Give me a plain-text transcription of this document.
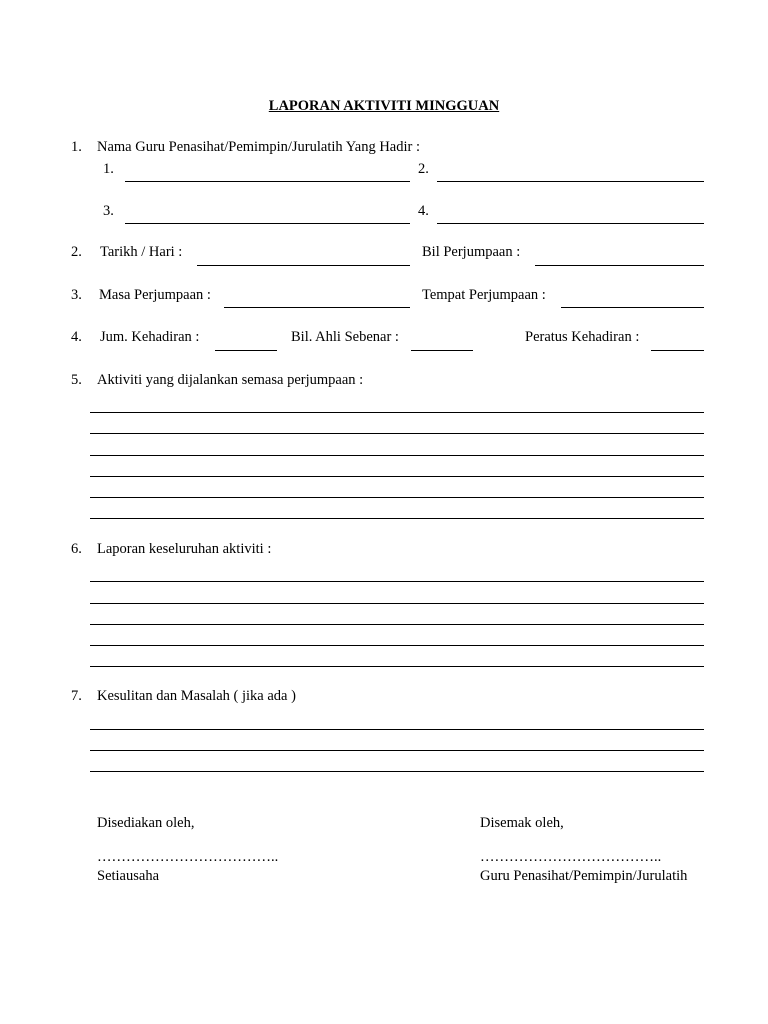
LAPORAN AKTIVITI MINGGUAN
1. Nama Guru Penasihat/Pemimpin/Jurulatih Yang Hadir :
1.	2.
3.	4.
2. Tarikh / Hari :	Bil Perjumpaan :
3. Masa Perjumpaan :	Tempat Perjumpaan :
4. Jum. Kehadiran :	Bil. Ahli Sebenar :	Peratus Kehadiran :
5. Aktiviti yang dijalankan semasa perjumpaan :
6. Laporan keseluruhan aktiviti :
7. Kesulitan dan Masalah ( jika ada )
Disediakan oleh,
………………………………..
Setiausaha
Disemak oleh,
………………………………..
Guru Penasihat/Pemimpin/Jurulatih
